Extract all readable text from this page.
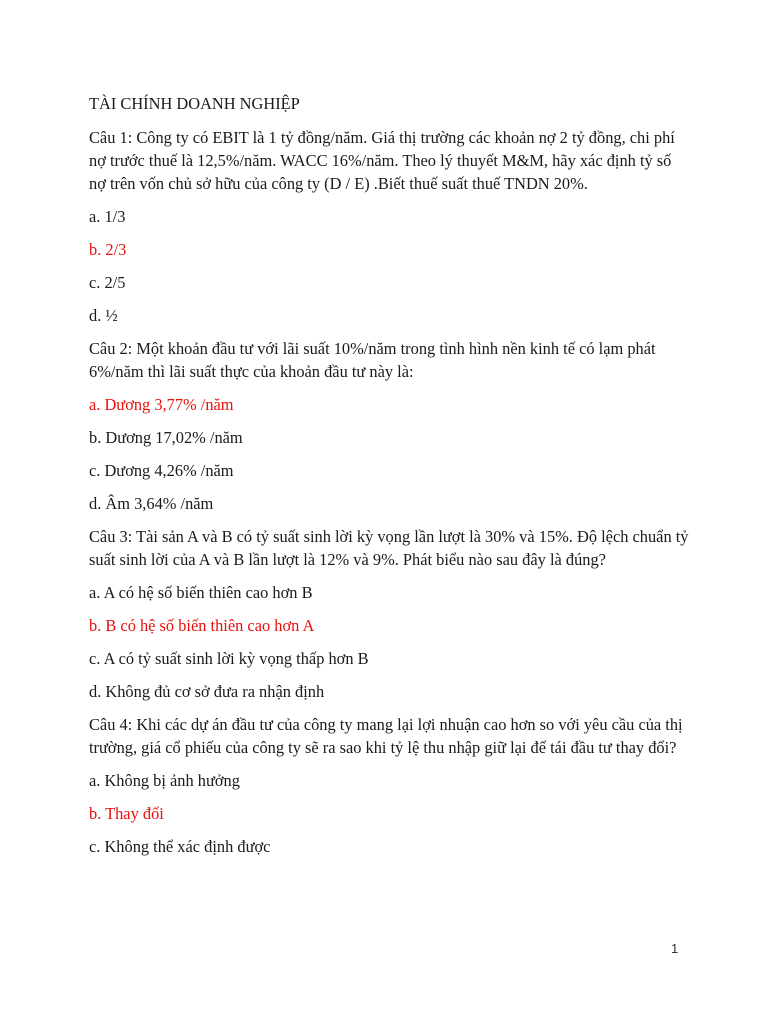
TÀI CHÍNH DOANH NGHIỆP

Câu 1: Công ty có EBIT là 1 tỷ đồng/năm. Giá thị trường các khoản nợ 2 tỷ đồng, chi phí nợ trước thuế là 12,5%/năm. WACC 16%/năm. Theo lý thuyết M&M, hãy xác định tỷ số nợ trên vốn chủ sở hữu của công ty (D / E) .Biết thuế suất thuế TNDN 20%.

a. 1/3

b. 2/3

c. 2/5

d. ½

Câu 2: Một khoản đầu tư với lãi suất 10%/năm trong tình hình nền kinh tế có lạm phát 6%/năm thì lãi suất thực của khoản đầu tư này là:

a. Dương 3,77% /năm

b. Dương 17,02% /năm

c. Dương 4,26% /năm

d. Âm 3,64% /năm

Câu 3: Tài sản A và B có tỷ suất sinh lời kỳ vọng lần lượt là 30% và 15%. Độ lệch chuẩn tỷ suất sinh lời của A và B lần lượt là 12% và 9%. Phát biểu nào sau đây là đúng?

a. A có hệ số biến thiên cao hơn B

b. B có hệ số biến thiên cao hơn A

c. A có tỷ suất sinh lời kỳ vọng thấp hơn B

d. Không đủ cơ sở đưa ra nhận định

Câu 4: Khi các dự án đầu tư của công ty mang lại lợi nhuận cao hơn so với yêu cầu của thị trường, giá cổ phiếu của công ty sẽ ra sao khi tỷ lệ thu nhập giữ lại để tái đầu tư thay đổi?

a. Không bị ảnh hưởng

b. Thay đổi

c. Không thể xác định được

1
